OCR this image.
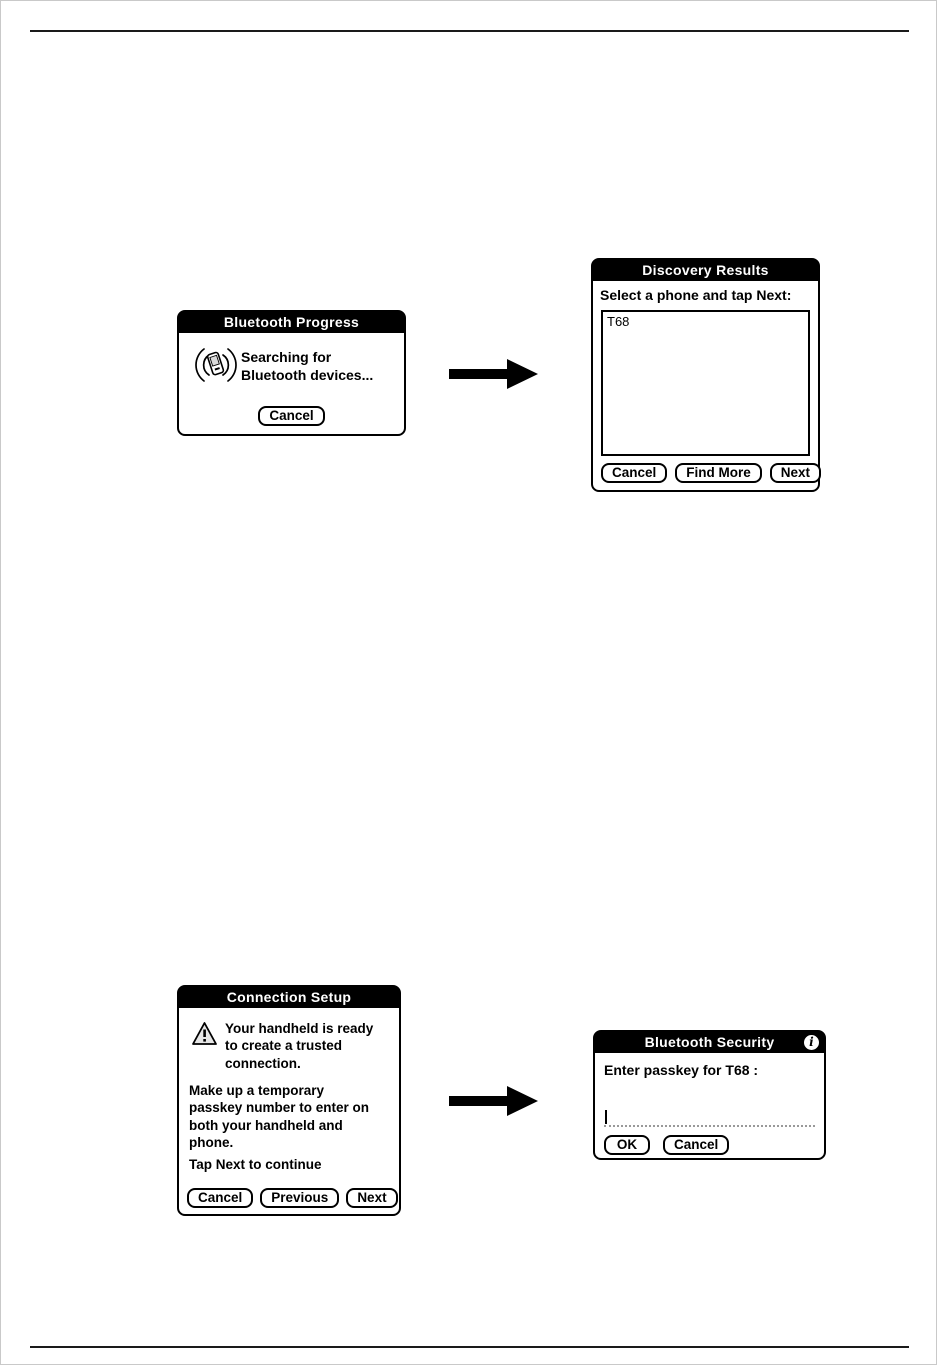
Bluetooth Progress
Searching for Bluetooth devices...
Cancel
Discovery Results
Select a phone and tap Next:
T68
Cancel	Find More	Next
Connection Setup
Your handheld is ready to create a trusted connection.
Make up a temporary passkey number to enter on both your handheld and phone.
Tap Next to continue
Cancel	Previous	Next
Bluetooth Security	i
Enter passkey for T68 :
OK	Cancel
